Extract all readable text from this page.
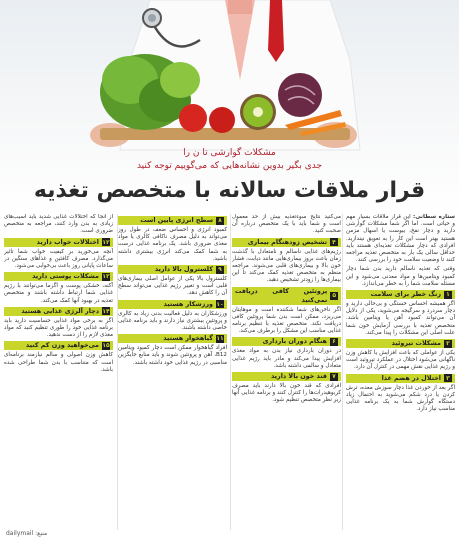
مشکلات گوارشی تا ن را
جدی بگیر بدوین نشانه‌هایی که می‌گوییم توجه کنید
قرار ملاقات سالانه با متخصص تغذیه

ستاره سطانی: این قرار ملاقات بسیار مهم و حیاتی است. اما اگر شما مشکلات گوارشی دارید و دچار نفخ، یبوست یا اسهال مزمن هستید بهتر است این کار را به تعویق نیندازید. افرادی که دچار مشکلات تغذیه‌ای هستند باید حداقل سالی یک بار به متخصص تغذیه مراجعه کنند تا وضعیت سلامت خود را بررسی کنند.

وقتی که تغذیه ناسالم دارید بدن شما دچار کمبود ویتامین‌ها و مواد معدنی می‌شود و این مسئله سلامت شما را به خطر می‌اندازد.

۱
زنگ خطر برای سلامت

اگر همیشه احساس خستگی و بی‌حالی دارید و دچار سردرد و سرگیجه می‌شوید، یکی از دلایل آن می‌تواند کمبود آهن یا ویتامین باشد. متخصص تغذیه با بررسی آزمایش خون شما علت اصلی این مشکلات را پیدا می‌کند.

۲
مشکلات تیروئید

یکی از عواملی که باعث افزایش یا کاهش وزن ناگهانی می‌شود اختلال در عملکرد تیروئید است و رژیم غذایی نقش مهمی در کنترل آن دارد.

۳
اختلال در هضم غذا

اگر بعد از خوردن غذا دچار سوزش معده، ترش کردن یا درد شکم می‌شوید به احتمال زیاد دستگاه گوارش شما به یک برنامه غذایی مناسب نیاز دارد.

می‌کنید نتایج سوءتغذیه بیش از حد معمول است و شما باید با یک متخصص درباره آن صحبت کنید.

۴
تشخیص زودهنگام بیماری

رژیم‌های غذایی ناسالم و نامتعادل با گذشت زمان باعث بروز بیماری‌هایی مانند دیابت، فشار خون بالا و بیماری‌های قلبی می‌شوند. مراجعه منظم به متخصص تغذیه کمک می‌کند تا این بیماری‌ها را زودتر تشخیص دهید.

۵
پروتئین کافی دریافت نمی‌کنید

اگر ناخن‌های شما شکننده است و موهایتان می‌ریزد، ممکن است بدن شما پروتئین کافی دریافت نکند. متخصص تغذیه با تنظیم برنامه غذایی مناسب این مشکل را برطرف می‌کند.

۶
هنگام دوران بارداری

در دوران بارداری نیاز بدن به مواد مغذی افزایش پیدا می‌کند و مادر باید رژیم غذایی متعادل و سالمی داشته باشد.

۷
قند خون بالا دارید

افرادی که قند خون بالا دارند باید مصرف کربوهیدرات‌ها را کنترل کنند و برنامه غذایی آنها زیر نظر متخصص تنظیم شود.

۸
سطح انرژی پایین است

کمبود انرژی و احساس ضعف در طول روز می‌تواند به دلیل مصرف ناکافی کالری یا مواد مغذی ضروری باشد. یک برنامه غذایی درست به شما کمک می‌کند انرژی بیشتری داشته باشید.

۹
کلسترول بالا دارید

کلسترول بالا یکی از عوامل اصلی بیماری‌های قلبی است و تغییر رژیم غذایی می‌تواند سطح آن را کاهش دهد.

۱۰
ورزشکار هستید

ورزشکاران به دلیل فعالیت بدنی زیاد به کالری و پروتئین بیشتری نیاز دارند و باید برنامه غذایی خاصی داشته باشند.

۱۱
گیاهخوار هستید

افراد گیاهخوار ممکن است دچار کمبود ویتامین B12، آهن و پروتئین شوند و باید منابع جایگزین مناسبی در رژیم غذایی خود داشته باشند.

از آنجا که اختلالات غذایی شدید باید آسیب‌های زیادی به بدن وارد کنند، مراجعه به متخصص ضروری است.

۱۲
اختلالات خواب دارید

آنچه می‌خورید بر کیفیت خواب شما تاثیر می‌گذارد. مصرف کافئین و غذاهای سنگین در ساعات پایانی روز باعث بی‌خوابی می‌شود.

۱۳
مشکلات پوستی دارید

آکنه، خشکی پوست و اگزما می‌توانند با رژیم غذایی شما ارتباط داشته باشند و متخصص تغذیه در بهبود آنها کمک می‌کند.

۱۴
دچار آلرژی غذایی هستید

اگر به برخی مواد غذایی حساسیت دارید باید برنامه غذایی خود را طوری تنظیم کنید که مواد مغذی لازم را از دست ندهید.

۱۵
می‌خواهید وزن کم کنید

کاهش وزن اصولی و سالم نیازمند برنامه‌ای است که متناسب با بدن شما طراحی شده باشد.

منبع: dailymail
